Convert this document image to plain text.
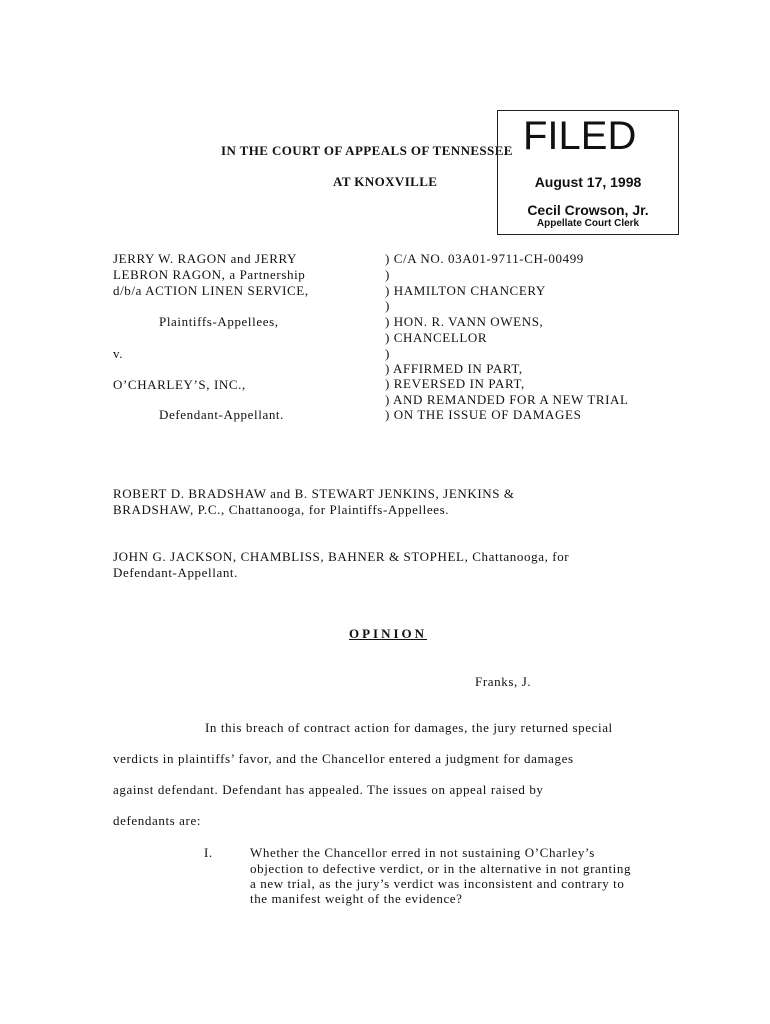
IN THE COURT OF APPEALS OF TENNESSEE
AT KNOXVILLE
FILED
August 17, 1998
Cecil Crowson, Jr.
Appellate Court Clerk
JERRY W. RAGON and JERRY
LEBRON RAGON, a Partnership
d/b/a ACTION LINEN SERVICE,
Plaintiffs-Appellees,
v.
O’CHARLEY’S, INC.,
Defendant-Appellant.
) C/A NO. 03A01-9711-CH-00499
)
) HAMILTON CHANCERY
)
) HON. R. VANN OWENS,
) CHANCELLOR
)
) AFFIRMED IN PART,
) REVERSED IN PART,
) AND REMANDED FOR A NEW TRIAL
) ON THE ISSUE OF DAMAGES
ROBERT D. BRADSHAW and B. STEWART JENKINS, JENKINS &
BRADSHAW, P.C., Chattanooga, for Plaintiffs-Appellees.
JOHN G. JACKSON, CHAMBLISS, BAHNER & STOPHEL, Chattanooga, for
Defendant-Appellant.
OPINION
Franks, J.
In this breach of contract action for damages, the jury returned special
verdicts in plaintiffs’ favor, and the Chancellor entered a judgment for damages
against defendant. Defendant has appealed. The issues on appeal raised by
defendants are:
I.	Whether the Chancellor erred in not sustaining O’Charley’s
objection to defective verdict, or in the alternative in not granting
a new trial, as the jury’s verdict was inconsistent and contrary to
the manifest weight of the evidence?
